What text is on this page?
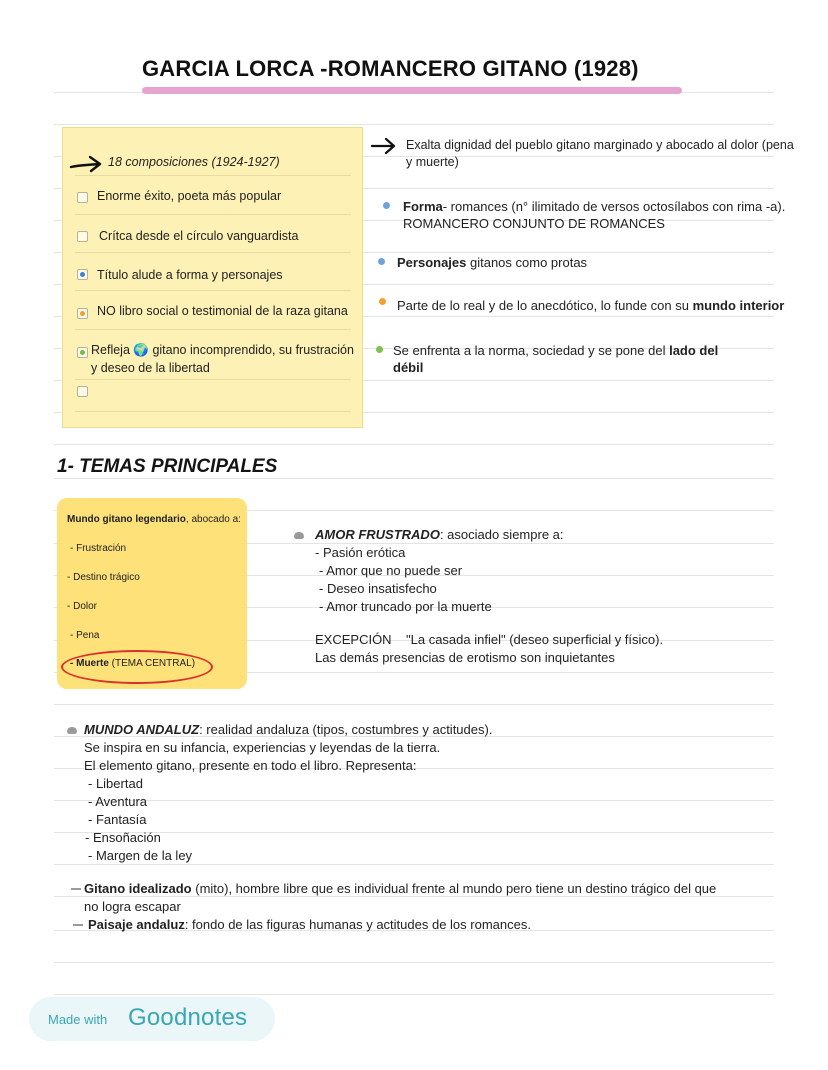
GARCIA LORCA -ROMANCERO GITANO (1928)
18 composiciones (1924-1927)
Enorme éxito, poeta más popular
Crítca desde el círculo vanguardista
Título alude a forma y personajes
NO libro social o testimonial de la raza gitana
Refleja 🌍 gitano incomprendido, su frustración
y deseo de la libertad
Exalta dignidad del pueblo gitano marginado y abocado al dolor (pena
y muerte)
Forma- romances (n° ilimitado de versos octosílabos con rima -a).
ROMANCERO CONJUNTO DE ROMANCES
Personajes gitanos como protas
Parte de lo real y de lo anecdótico, lo funde con su mundo interior
Se enfrenta a la norma, sociedad y se pone del lado del
débil
1- TEMAS PRINCIPALES
Mundo gitano legendario, abocado a:
- Frustración
- Destino trágico
- Dolor
- Pena
- Muerte (TEMA CENTRAL)
AMOR FRUSTRADO: asociado siempre a:
- Pasión erótica
- Amor que no puede ser
- Deseo insatisfecho
- Amor truncado por la muerte
EXCEPCIÓN    "La casada infiel" (deseo superficial y físico).
Las demás presencias de erotismo son inquietantes
MUNDO ANDALUZ: realidad andaluza (tipos, costumbres y actitudes).
Se inspira en su infancia, experiencias y leyendas de la tierra.
El elemento gitano, presente en todo el libro. Representa:
- Libertad
- Aventura
- Fantasía
- Ensoñación
- Margen de la ley
Gitano idealizado (mito), hombre libre que es individual frente al mundo pero tiene un destino trágico del que
no logra escapar
Paisaje andaluz: fondo de las figuras humanas y actitudes de los romances.
Made with Goodnotes
